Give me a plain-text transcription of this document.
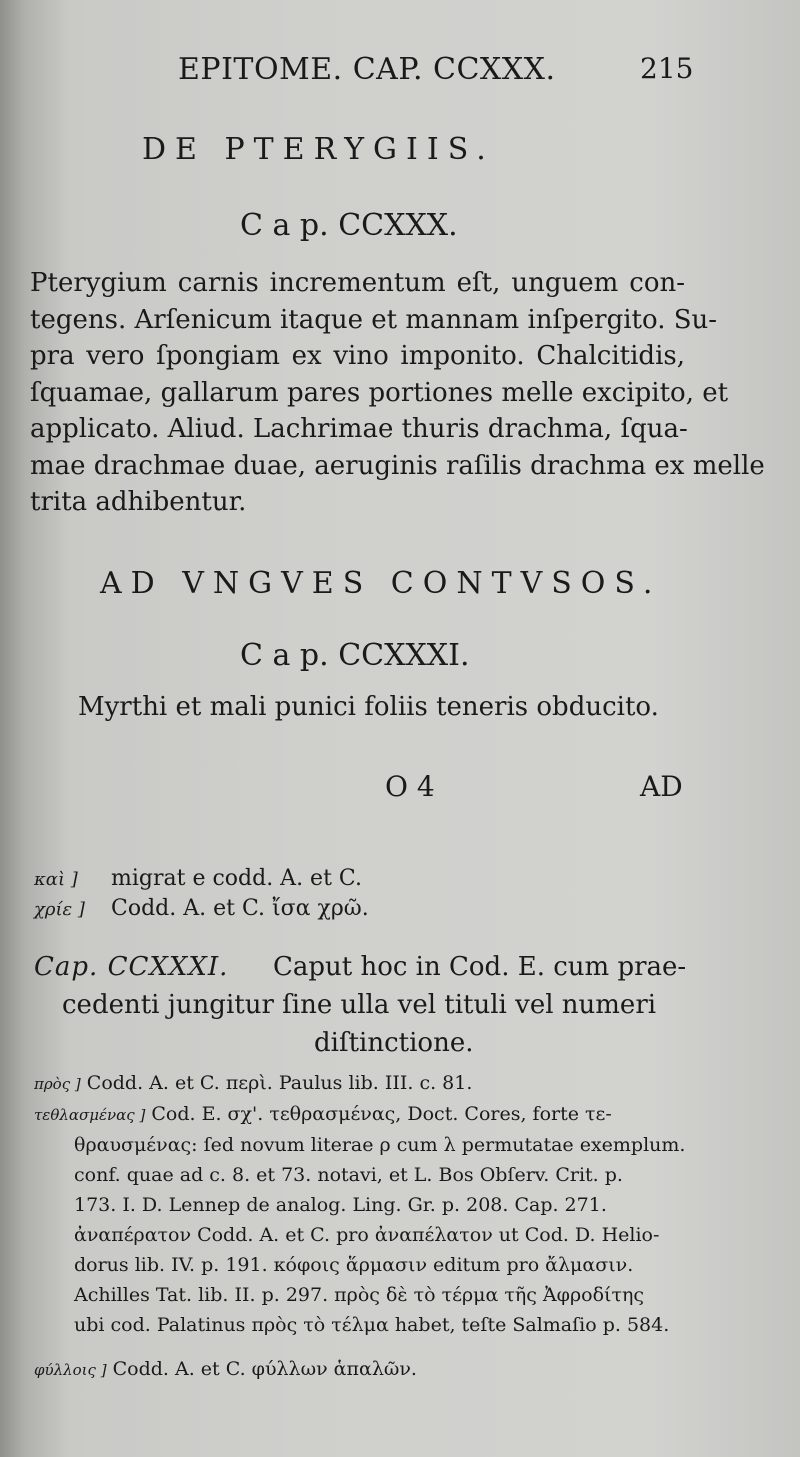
EPITOME. CAP. CCXXX.	215
DE PTERYGIIS.
C a p. CCXXX.
Pterygium carnis incrementum eſt, unguem con-
tegens. Arſenicum itaque et mannam inſpergito. Su-
pra vero ſpongiam ex vino imponito. Chalcitidis,
ſquamae, gallarum pares portiones melle excipito, et
applicato. Aliud. Lachrimae thuris drachma, ſqua-
mae drachmae duae, aeruginis raſilis drachma ex melle
trita adhibentur.
AD VNGVES CONTVSOS.
C a p. CCXXXI.
Myrthi et mali punici foliis teneris obducito.
O 4	AD
καὶ ] migrat e codd. A. et C.
χρίε ] Codd. A. et C. ἴσα χρῶ.
Cap. CCXXXI. Caput hoc in Cod. E. cum prae-
cedenti jungitur ſine ulla vel tituli vel numeri
diſtinctione.
πρὸς ] Codd. A. et C. περὶ. Paulus lib. III. c. 81.
τεθλασμένας ] Cod. E. σχ'. τεθρασμένας, Doct. Cores, forte τε-
θραυσμένας: ſed novum literae ρ cum λ permutatae exemplum.
conf. quae ad c. 8. et 73. notavi, et L. Bos Obſerv. Crit. p.
173. I. D. Lennep de analog. Ling. Gr. p. 208. Cap. 271.
ἀναπέρατον Codd. A. et C. pro ἀναπέλατον ut Cod. D. Helio-
dorus lib. IV. p. 191. κόφοις ἅρμασιν editum pro ἄλμασιν.
Achilles Tat. lib. II. p. 297. πρὸς δὲ τὸ τέρμα τῆς Ἀφροδίτης
ubi cod. Palatinus πρὸς τὸ τέλμα habet, teſte Salmaſio p. 584.
φύλλοις ] Codd. A. et C. φύλλων ἁπαλῶν.
